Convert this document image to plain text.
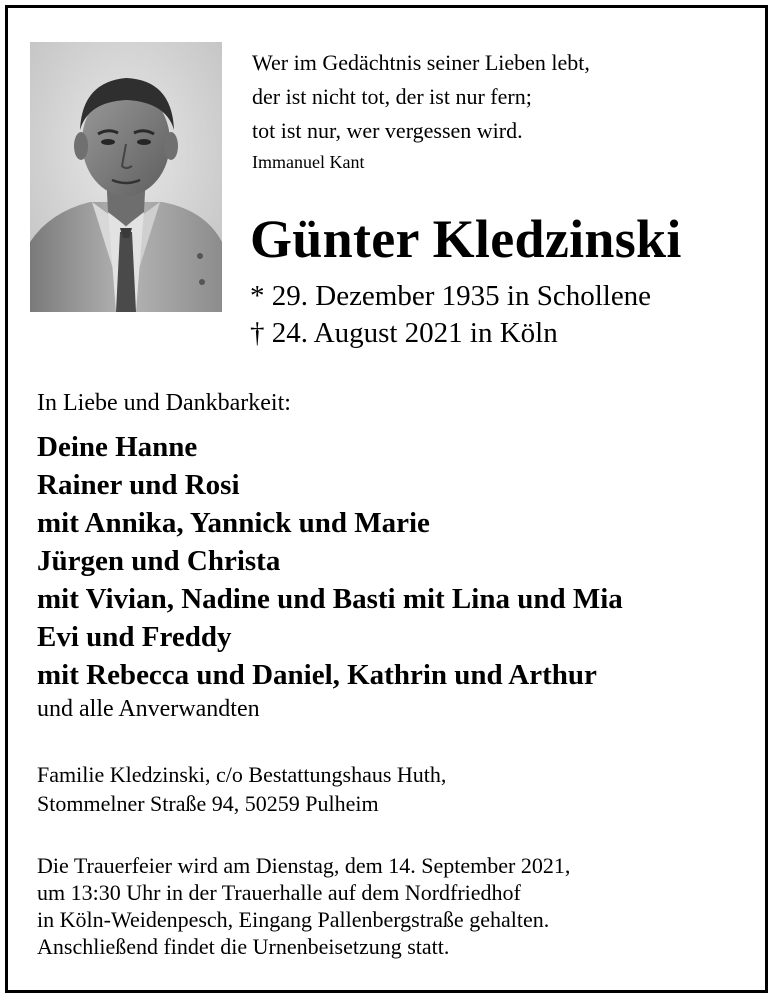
Wer im Gedächtnis seiner Lieben lebt,
der ist nicht tot, der ist nur fern;
tot ist nur, wer vergessen wird.
Immanuel Kant
Günter Kledzinski
* 29. Dezember 1935 in Schollene
† 24. August 2021 in Köln
In Liebe und Dankbarkeit:
Deine Hanne
Rainer und Rosi
mit Annika, Yannick und Marie
Jürgen und Christa
mit Vivian, Nadine und Basti mit Lina und Mia
Evi und Freddy
mit Rebecca und Daniel, Kathrin und Arthur
und alle Anverwandten
Familie Kledzinski, c/o Bestattungshaus Huth,
Stommelner Straße 94, 50259 Pulheim
Die Trauerfeier wird am Dienstag, dem 14. September 2021,
um 13:30 Uhr in der Trauerhalle auf dem Nordfriedhof
in Köln-Weidenpesch, Eingang Pallenbergstraße gehalten.
Anschließend findet die Urnenbeisetzung statt.
